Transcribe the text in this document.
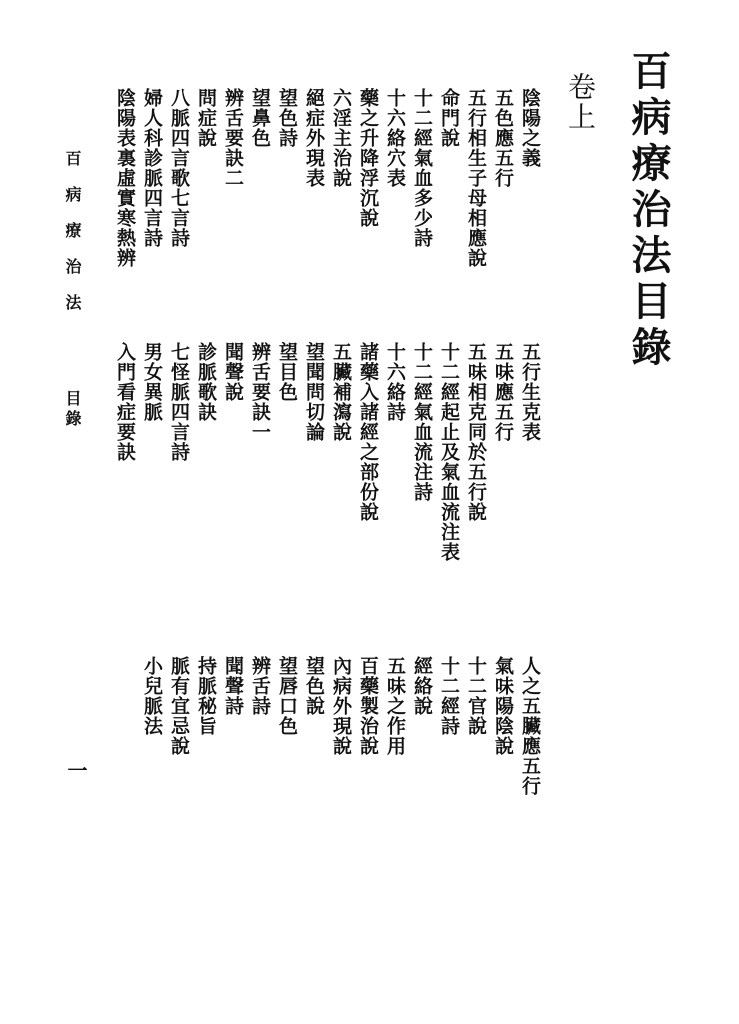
百病療治法目錄
卷上
陰陽之義
五行生克表
人之五臟應五行
五色應五行
五味應五行
氣味陽陰說
五行相生子母相應說
五味相克同於五行說
十二官說
命門說
十二經起止及氣血流注表
十二經詩
十二經氣血多少詩
十二經氣血流注詩
經絡說
十六絡穴表
十六絡詩
五味之作用
藥之升降浮沉說
諸藥入諸經之部份說
百藥製治說
六淫主治說
五臟補瀉說
內病外現說
絕症外現表
望聞問切論
望色說
望色詩
望目色
望唇口色
望鼻色
辨舌要訣一
辨舌詩
辨舌要訣二
聞聲說
聞聲詩
問症說
診脈歌訣
持脈秘旨
八脈四言歌七言詩
七怪脈四言詩
脈有宜忌說
婦人科診脈四言詩
男女異脈
小兒脈法
陰陽表裏虛實寒熱辨
入門看症要訣
百病療治法
目錄
一
